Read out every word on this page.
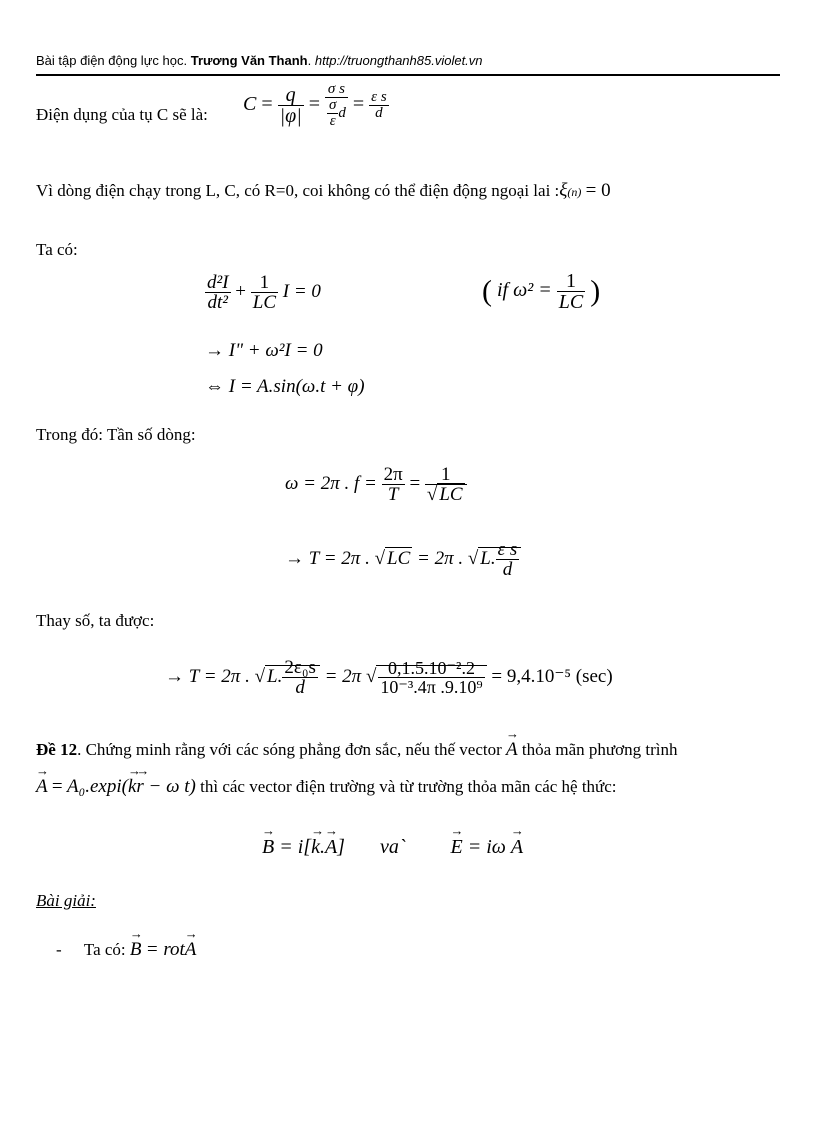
Bài tập điện động lực học. Trương Văn Thanh. http://truongthanh85.violet.vn
Điện dụng của tụ C sẽ là: $C = \frac{q}{|\varphi|} = \frac{\text{σ s}}{\frac{\sigma}{\varepsilon} d} = \frac{\text{ε s}}{d}$
Vì dòng điện chạy trong L, C, có R=0, coi không có thể điện động ngoại lai :ξ(n) = 0
Ta có:
$\frac{\text{d²I}}{\text{dt²}} + \frac{1}{LC}$ I = 0	( if $\omega^2 = \frac{1}{LC}$ )
→ I" + ω²I = 0
⇔ I = A.sin(ω.t + φ)
Trong đó: Tần số dòng:
ω = 2π . $f = \frac{2\pi}{T} = \frac{1}{√ LC}$
→ T = 2π . √ LC = 2π . √ L. $\frac{\text{ε s}}{d}$
Thay số, ta được:
→ T = 2π . √ L. $\frac{\text{2ε₀s}}{d} = 2\pi$ √ $\frac{\text{0,1.5.10⁻².2}}{\text{10⁻³.4π .9.10⁹}} = 9,4.10^{-5}$ (sec)
Đề 12. Chứng minh rằng với các sóng phẳng đơn sắc, nếu thế vector → A thỏa mãn phương trình
→ A = A₀.expi(→ k→ r − ω t) thì các vector điện trường và từ trường thỏa mãn các hệ thức:
→ B = i[→ k.→ A] va` → E = iω → A
Bài giải:
- Ta có: → B = rot→ A
